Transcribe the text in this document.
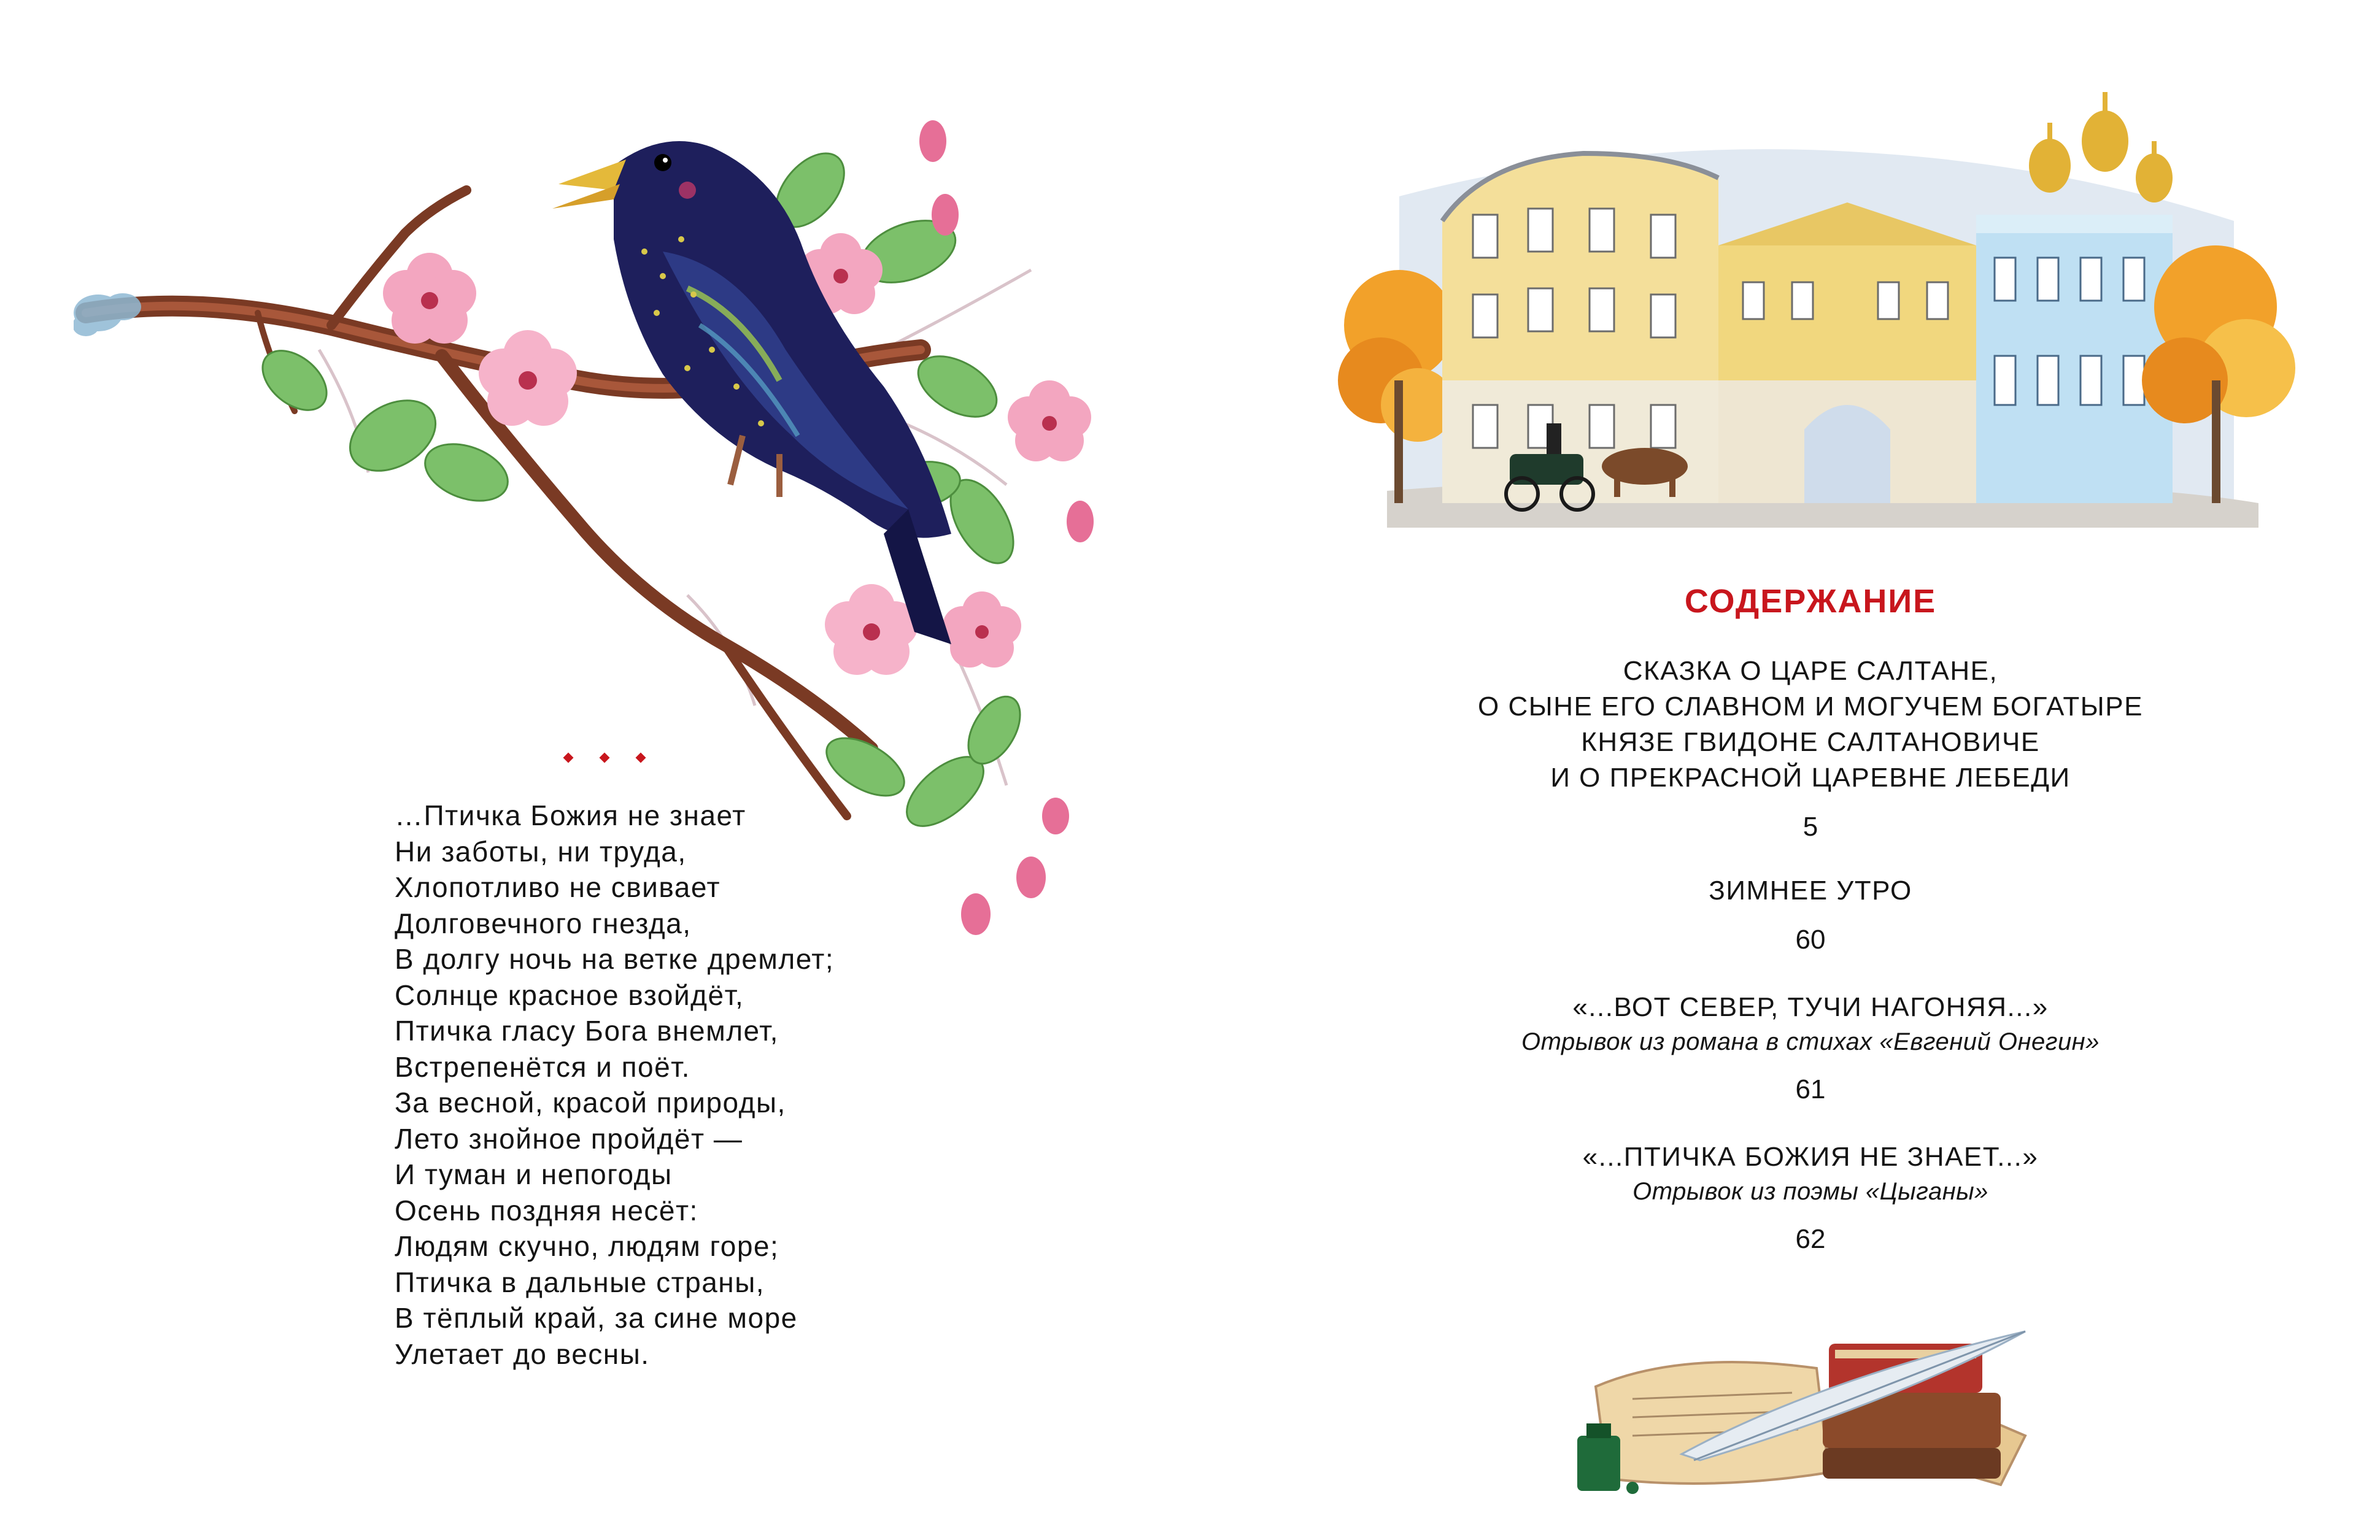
…Птичка Божия не знает
Ни заботы, ни труда,
Хлопотливо не свивает
Долговечного гнезда,
В долгу ночь на ветке дремлет;
Солнце красное взойдёт,
Птичка гласу Бога внемлет,
Встрепенётся и поёт.
За весной, красой природы,
Лето знойное пройдёт —
И туман и непогоды
Осень поздняя несёт:
Людям скучно, людям горе;
Птичка в дальные страны,
В тёплый край, за сине море
Улетает до весны.
СОДЕРЖАНИЕ
СКАЗКА О ЦАРЕ САЛТАНЕ,
О СЫНЕ ЕГО СЛАВНОМ И МОГУЧЕМ БОГАТЫРЕ
КНЯЗЕ ГВИДОНЕ САЛТАНОВИЧЕ
И О ПРЕКРАСНОЙ ЦАРЕВНЕ ЛЕБЕДИ
5
ЗИМНЕЕ УТРО
60
«...ВОТ СЕВЕР, ТУЧИ НАГОНЯЯ...»
Отрывок из романа в стихах «Евгений Онегин»
61
«...ПТИЧКА БОЖИЯ НЕ ЗНАЕТ...»
Отрывок из поэмы «Цыганы»
62
